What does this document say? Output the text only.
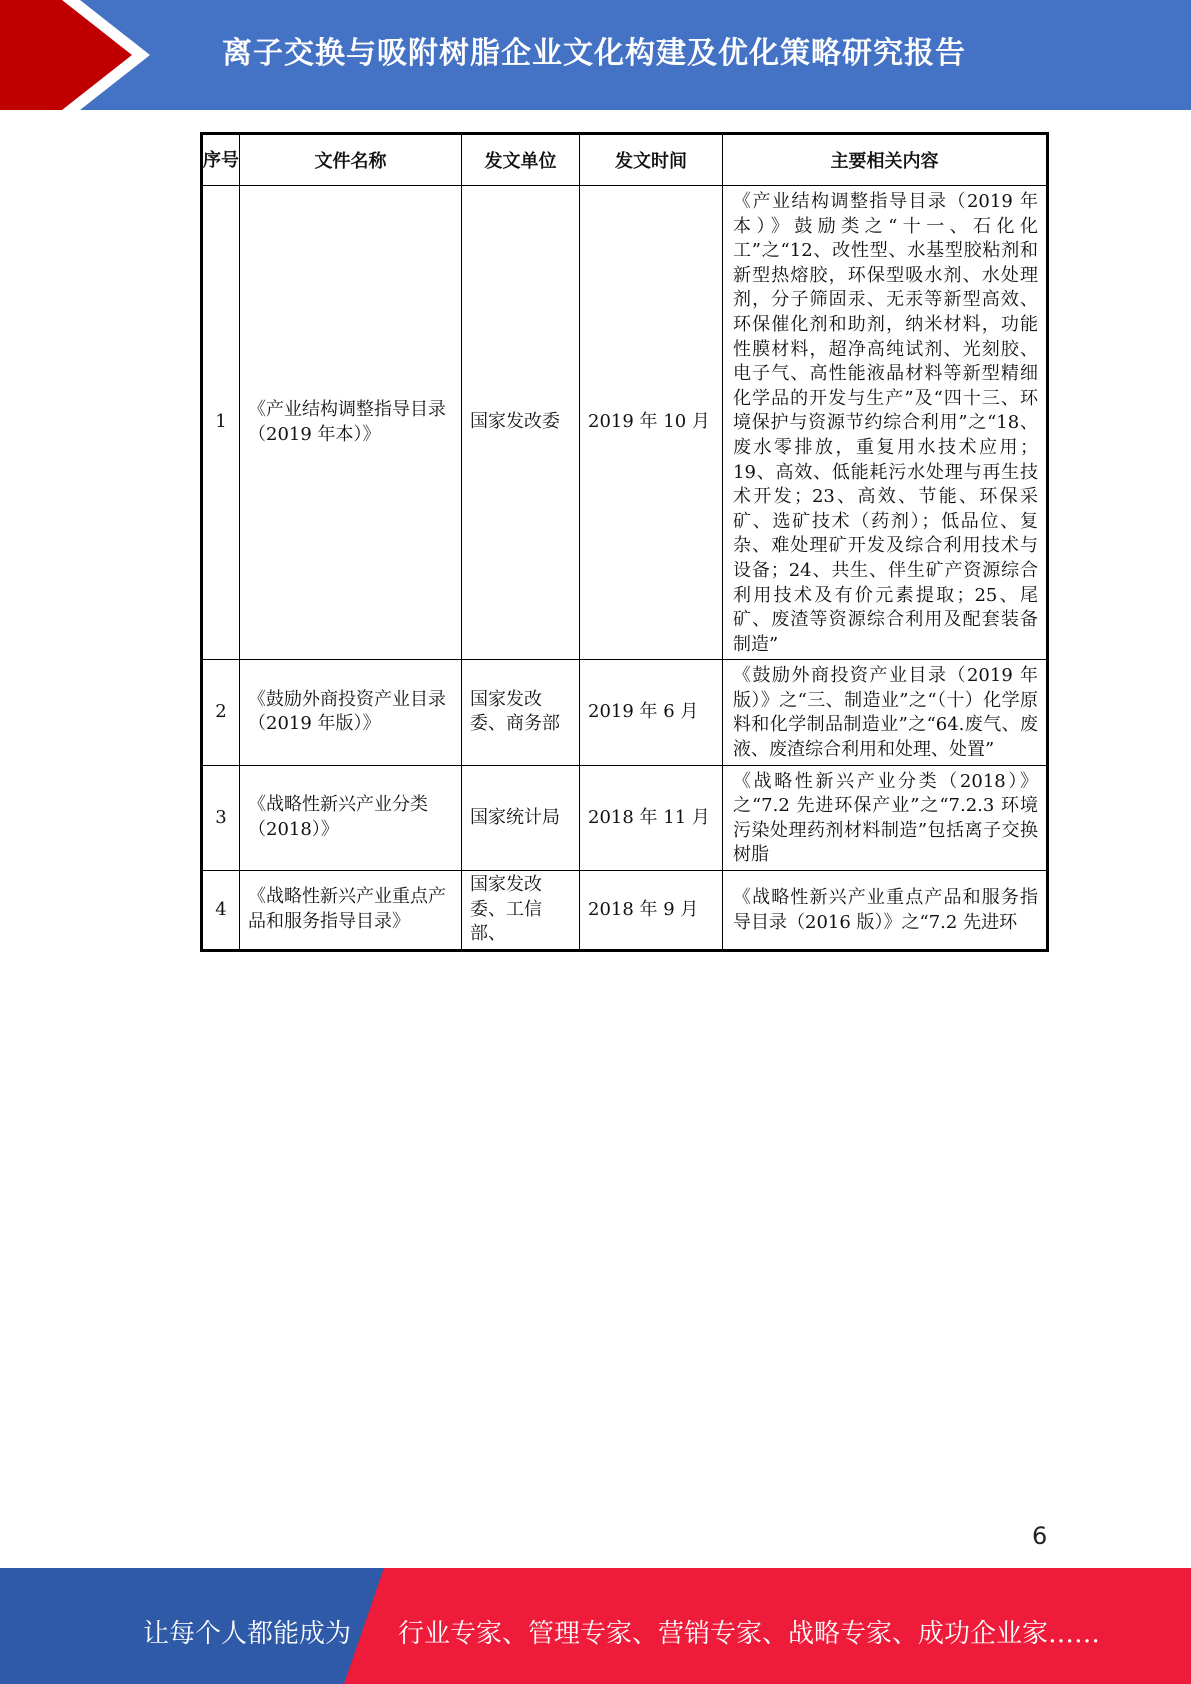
离子交换与吸附树脂企业文化构建及优化策略研究报告
序号	文件名称	发文单位	发文时间	主要相关内容
1	《产业结构调整指导目录（2019 年本）》	国家发改委	2019 年 10 月	《产业结构调整指导目录（2019 年本）》鼓励类之“十一、石化化工”之“12、改性型、水基型胶粘剂和新型热熔胶，环保型吸水剂、水处理剂，分子筛固汞、无汞等新型高效、环保催化剂和助剂，纳米材料，功能性膜材料，超净高纯试剂、光刻胶、电子气、高性能液晶材料等新型精细化学品的开发与生产”及“四十三、环境保护与资源节约综合利用”之“18、废水零排放，重复用水技术应用；19、高效、低能耗污水处理与再生技术开发；23、高效、节能、环保采矿、选矿技术（药剂）；低品位、复杂、难处理矿开发及综合利用技术与设备；24、共生、伴生矿产资源综合利用技术及有价元素提取；25、尾矿、废渣等资源综合利用及配套装备制造”
2	《鼓励外商投资产业目录（2019 年版）》	国家发改委、商务部	2019 年 6 月	《鼓励外商投资产业目录（2019 年版）》之“三、制造业”之“（十）化学原料和化学制品制造业”之“64.废气、废液、废渣综合利用和处理、处置”
3	《战略性新兴产业分类（2018）》	国家统计局	2018 年 11 月	《战略性新兴产业分类（2018）》之“7.2 先进环保产业”之“7.2.3 环境污染处理药剂材料制造”包括离子交换树脂
4	《战略性新兴产业重点产品和服务指导目录》	国家发改委、工信部、	2018 年 9 月	《战略性新兴产业重点产品和服务指导目录（2016 版）》之“7.2 先进环
6
让每个人都能成为 行业专家、管理专家、营销专家、战略专家、成功企业家……
